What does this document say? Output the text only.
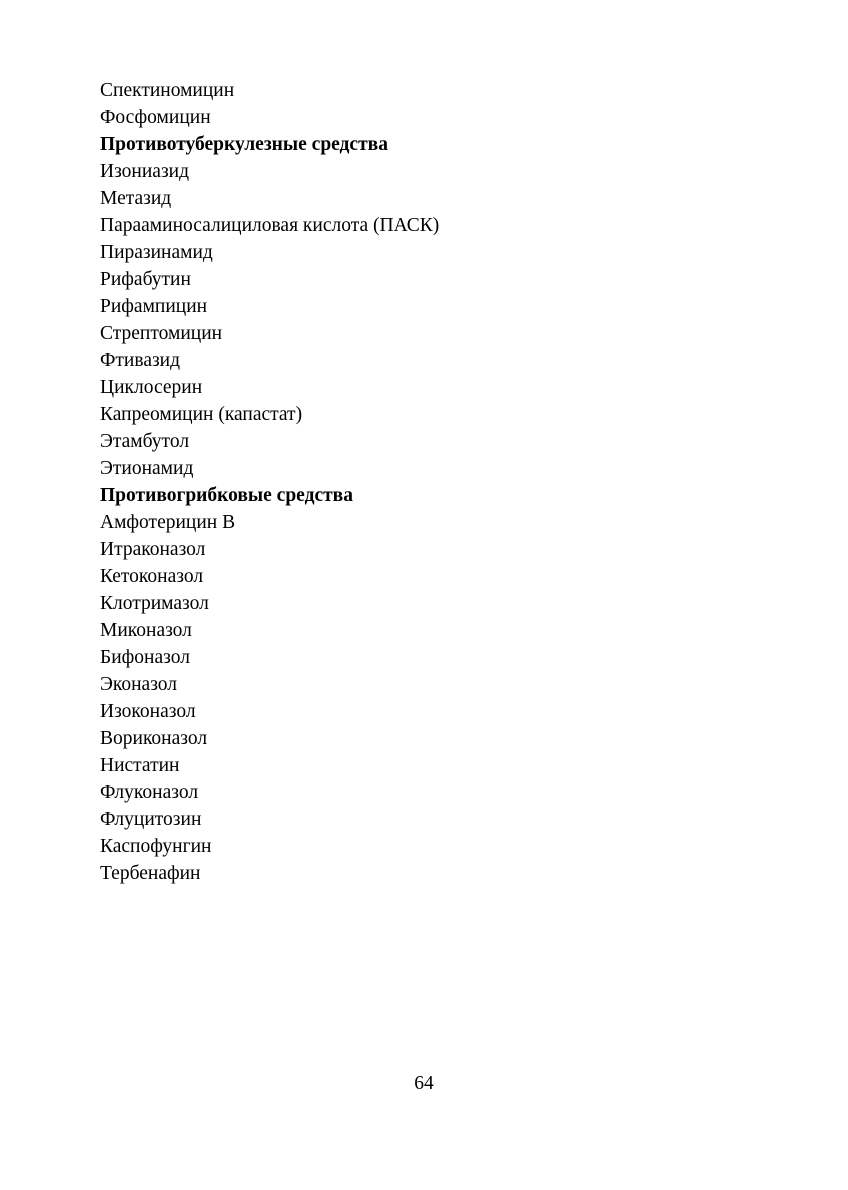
Спектиномицин
Фосфомицин
Противотуберкулезные средства
Изониазид
Метазид
Парааминосалициловая кислота (ПАСК)
Пиразинамид
Рифабутин
Рифампицин
Стрептомицин
Фтивазид
Циклосерин
Капреомицин (капастат)
Этамбутол
Этионамид
Противогрибковые средства
Амфотерицин В
Итраконазол
Кетоконазол
Клотримазол
Миконазол
Бифоназол
Эконазол
Изоконазол
Вориконазол
Нистатин
Флуконазол
Флуцитозин
Каспофунгин
Тербенафин
64
